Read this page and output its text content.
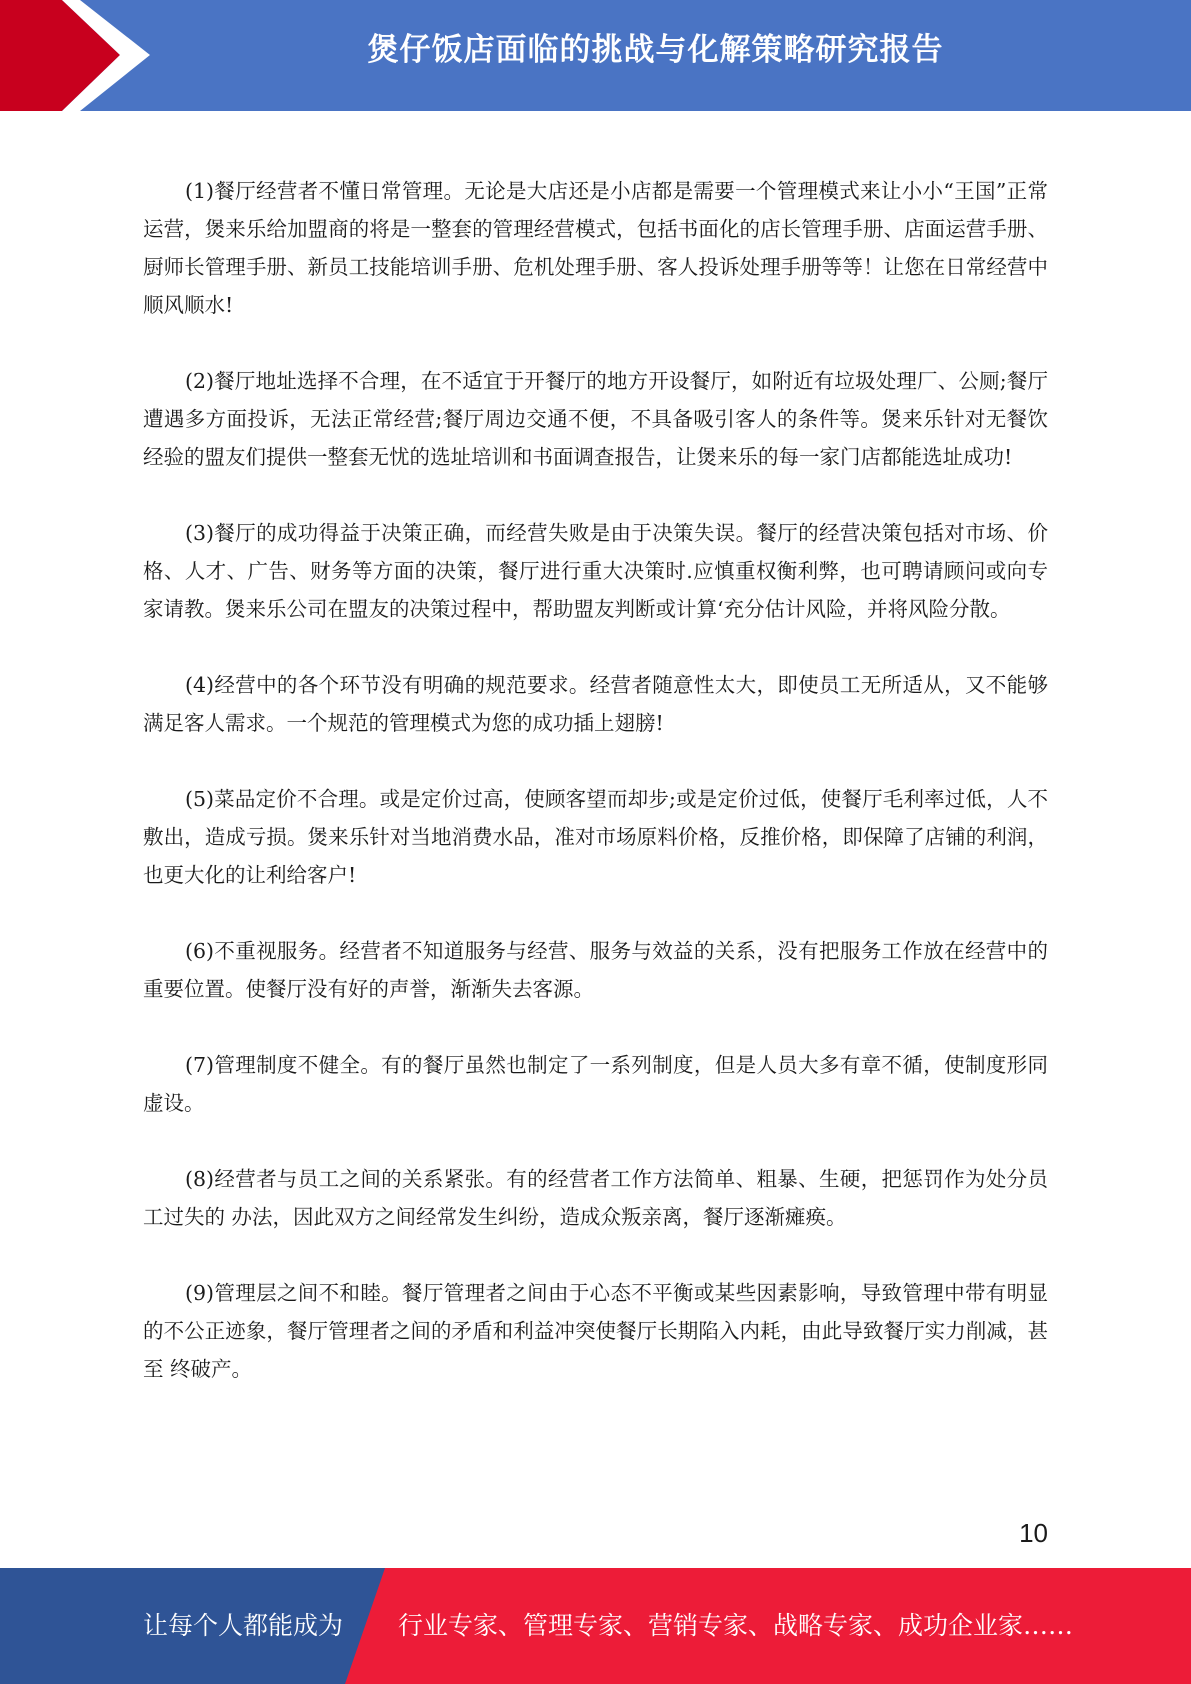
煲仔饭店面临的挑战与化解策略研究报告

(1)餐厅经营者不懂日常管理。无论是大店还是小店都是需要一个管理模式来让小小“王国”正常运营，煲来乐给加盟商的将是一整套的管理经营模式，包括书面化的店长管理手册、店面运营手册、厨师长管理手册、新员工技能培训手册、危机处理手册、客人投诉处理手册等等！让您在日常经营中顺风顺水!

(2)餐厅地址选择不合理，在不适宜于开餐厅的地方开设餐厅，如附近有垃圾处理厂、公厕;餐厅遭遇多方面投诉，无法正常经营;餐厅周边交通不便，不具备吸引客人的条件等。煲来乐针对无餐饮经验的盟友们提供一整套无忧的选址培训和书面调查报告，让煲来乐的每一家门店都能选址成功!

(3)餐厅的成功得益于决策正确，而经营失败是由于决策失误。餐厅的经营决策包括对市场、价格、人才、广告、财务等方面的决策，餐厅进行重大决策时.应慎重权衡利弊，也可聘请顾问或向专家请教。煲来乐公司在盟友的决策过程中，帮助盟友判断或计算‘充分估计风险，并将风险分散。

(4)经营中的各个环节没有明确的规范要求。经营者随意性太大，即使员工无所适从，又不能够满足客人需求。一个规范的管理模式为您的成功插上翅膀!

(5)菜品定价不合理。或是定价过高，使顾客望而却步;或是定价过低，使餐厅毛利率过低，人不敷出，造成亏损。煲来乐针对当地消费水品，准对市场原料价格，反推价格，即保障了店铺的利润，也更大化的让利给客户!

(6)不重视服务。经营者不知道服务与经营、服务与效益的关系，没有把服务工作放在经营中的重要位置。使餐厅没有好的声誉，渐渐失去客源。

(7)管理制度不健全。有的餐厅虽然也制定了一系列制度，但是人员大多有章不循，使制度形同虚设。

(8)经营者与员工之间的关系紧张。有的经营者工作方法简单、粗暴、生硬，把惩罚作为处分员工过失的 办法，因此双方之间经常发生纠纷，造成众叛亲离，餐厅逐渐瘫痪。

(9)管理层之间不和睦。餐厅管理者之间由于心态不平衡或某些因素影响，导致管理中带有明显的不公正迹象，餐厅管理者之间的矛盾和利益冲突使餐厅长期陷入内耗，由此导致餐厅实力削减，甚至 终破产。

10
让每个人都能成为 行业专家、管理专家、营销专家、战略专家、成功企业家……
